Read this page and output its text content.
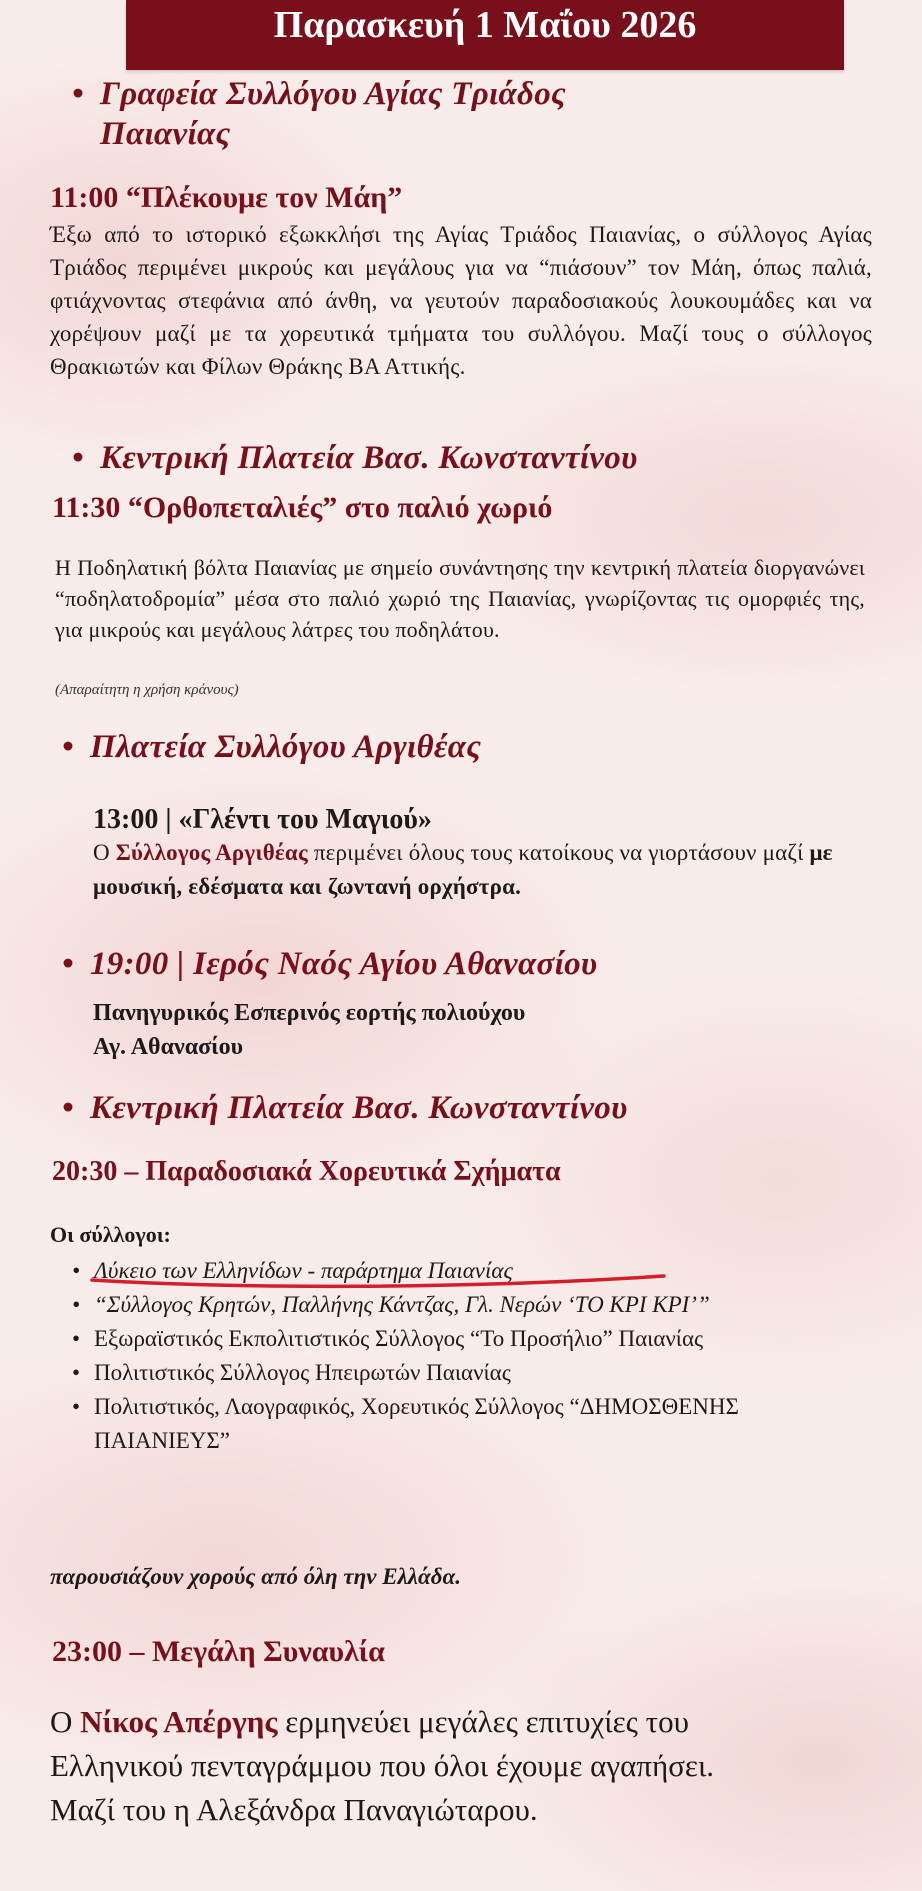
Παρασκευή 1 Μαΐου 2026
• Γραφεία Συλλόγου Αγίας Τριάδος
Παιανίας
11:00 “Πλέκουμε τον Μάη”
Έξω από το ιστορικό εξωκκλήσι της Αγίας Τριάδος Παιανίας, ο σύλλογος Αγίας Τριάδος περιμένει μικρούς και μεγάλους για να “πιάσουν” τον Μάη, όπως παλιά, φτιάχνοντας στεφάνια από άνθη, να γευτούν παραδοσιακούς λουκουμάδες και να χορέψουν μαζί με τα χορευτικά τμήματα του συλλόγου. Μαζί τους ο σύλλογος Θρακιωτών και Φίλων Θράκης ΒΑ Αττικής.
• Κεντρική Πλατεία Βασ. Κωνσταντίνου
11:30 “Ορθοπεταλιές” στο παλιό χωριό
Η Ποδηλατική βόλτα Παιανίας με σημείο συνάντησης την κεντρική πλατεία διοργανώνει “ποδηλατοδρομία” μέσα στο παλιό χωριό της Παιανίας, γνωρίζοντας τις ομορφιές της, για μικρούς και μεγάλους λάτρες του ποδηλάτου.
(Απαραίτητη η χρήση κράνους)
• Πλατεία Συλλόγου Αργιθέας
13:00 | «Γλέντι του Μαγιού»
Ο Σύλλογος Αργιθέας περιμένει όλους τους κατοίκους να γιορτάσουν μαζί με μουσική, εδέσματα και ζωντανή ορχήστρα.
• 19:00 | Ιερός Ναός Αγίου Αθανασίου
Πανηγυρικός Εσπερινός εορτής πολιούχου
Αγ. Αθανασίου
• Κεντρική Πλατεία Βασ. Κωνσταντίνου
20:30 – Παραδοσιακά Χορευτικά Σχήματα
Οι σύλλογοι:
• Λύκειο των Ελληνίδων - παράρτημα Παιανίας
• “Σύλλογος Κρητών, Παλλήνης Κάντζας, Γλ. Νερών ‘ΤΟ ΚΡΙ ΚΡΙ’”
• Εξωραϊστικός Εκπολιτιστικός Σύλλογος “Το Προσήλιο” Παιανίας
• Πολιτιστικός Σύλλογος Ηπειρωτών Παιανίας
• Πολιτιστικός, Λαογραφικός, Χορευτικός Σύλλογος “ΔΗΜΟΣΘΕΝΗΣ ΠΑΙΑΝΙΕΥΣ”
παρουσιάζουν χορούς από όλη την Ελλάδα.
23:00 – Μεγάλη Συναυλία
Ο Νίκος Απέργης ερμηνεύει μεγάλες επιτυχίες του Ελληνικού πενταγράμμου που όλοι έχουμε αγαπήσει.
Μαζί του η Αλεξάνδρα Παναγιώταρου.
